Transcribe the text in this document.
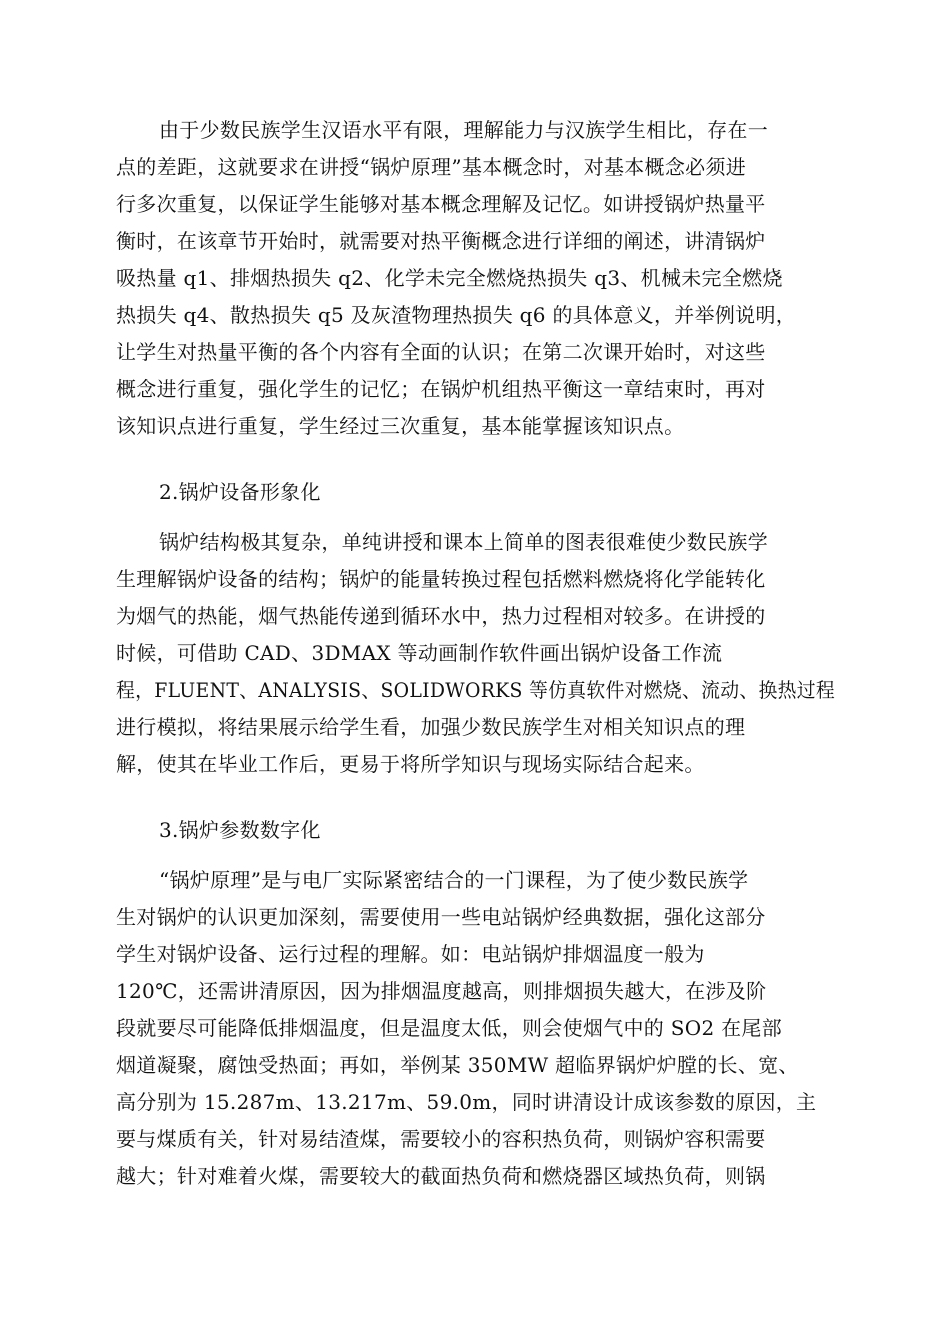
由于少数民族学生汉语水平有限，理解能力与汉族学生相比，存在一
点的差距，这就要求在讲授“锅炉原理”基本概念时，对基本概念必须进
行多次重复，以保证学生能够对基本概念理解及记忆。如讲授锅炉热量平
衡时，在该章节开始时，就需要对热平衡概念进行详细的阐述，讲清锅炉
吸热量 q1、排烟热损失 q2、化学未完全燃烧热损失 q3、机械未完全燃烧
热损失 q4、散热损失 q5 及灰渣物理热损失 q6 的具体意义，并举例说明，
让学生对热量平衡的各个内容有全面的认识；在第二次课开始时，对这些
概念进行重复，强化学生的记忆；在锅炉机组热平衡这一章结束时，再对
该知识点进行重复，学生经过三次重复，基本能掌握该知识点。
2.锅炉设备形象化
锅炉结构极其复杂，单纯讲授和课本上简单的图表很难使少数民族学
生理解锅炉设备的结构；锅炉的能量转换过程包括燃料燃烧将化学能转化
为烟气的热能，烟气热能传递到循环水中，热力过程相对较多。在讲授的
时候，可借助 CAD、3DMAX 等动画制作软件画出锅炉设备工作流
程，FLUENT、ANALYSIS、SOLIDWORKS 等仿真软件对燃烧、流动、换热过程
进行模拟，将结果展示给学生看，加强少数民族学生对相关知识点的理
解，使其在毕业工作后，更易于将所学知识与现场实际结合起来。
3.锅炉参数数字化
“锅炉原理”是与电厂实际紧密结合的一门课程，为了使少数民族学
生对锅炉的认识更加深刻，需要使用一些电站锅炉经典数据，强化这部分
学生对锅炉设备、运行过程的理解。如：电站锅炉排烟温度一般为
120℃，还需讲清原因，因为排烟温度越高，则排烟损失越大，在涉及阶
段就要尽可能降低排烟温度，但是温度太低，则会使烟气中的 SO2 在尾部
烟道凝聚，腐蚀受热面；再如，举例某 350MW 超临界锅炉炉膛的长、宽、
高分别为 15.287m、13.217m、59.0m，同时讲清设计成该参数的原因，主
要与煤质有关，针对易结渣煤，需要较小的容积热负荷，则锅炉容积需要
越大；针对难着火煤，需要较大的截面热负荷和燃烧器区域热负荷，则锅
